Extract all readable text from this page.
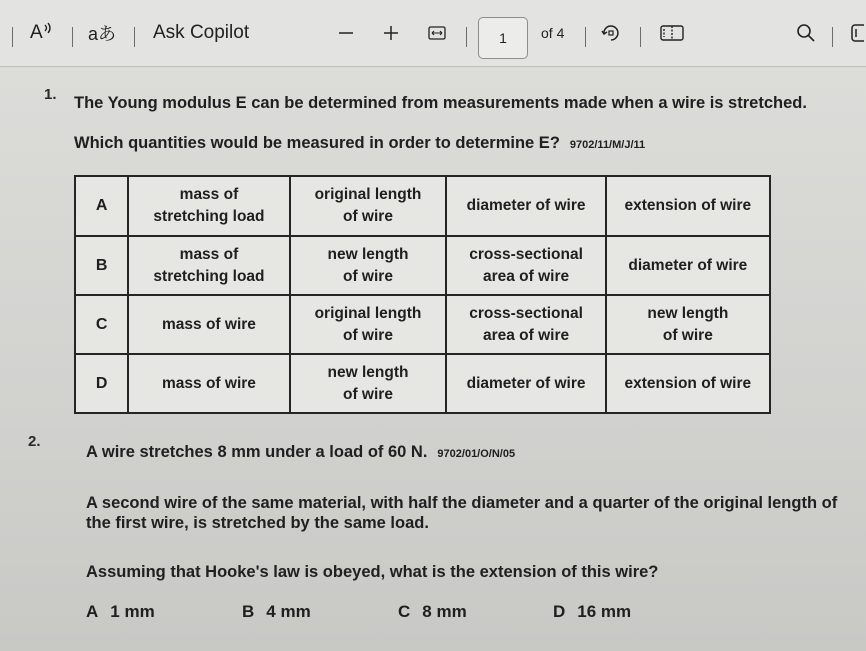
A	aあ Ask Copilot	1	of 4
1. The Young modulus E can be determined from measurements made when a wire is stretched.
Which quantities would be measured in order to determine E? 9702/11/M/J/11
A	mass of
stretching load	original length
of wire	diameter of wire	extension of wire

B	mass of
stretching load	new length
of wire	cross-sectional
area of wire	diameter of wire

C	mass of wire	original length
of wire	cross-sectional
area of wire	new length
of wire

D	mass of wire	new length
of wire	diameter of wire	extension of wire
2.
A wire stretches 8 mm under a load of 60 N. 9702/01/O/N/05
A second wire of the same material, with half the diameter and a quarter of the original length of
the first wire, is stretched by the same load.
Assuming that Hooke's law is obeyed, what is the extension of this wire?
A 1 mm	B 4 mm	C 8 mm	D 16 mm
